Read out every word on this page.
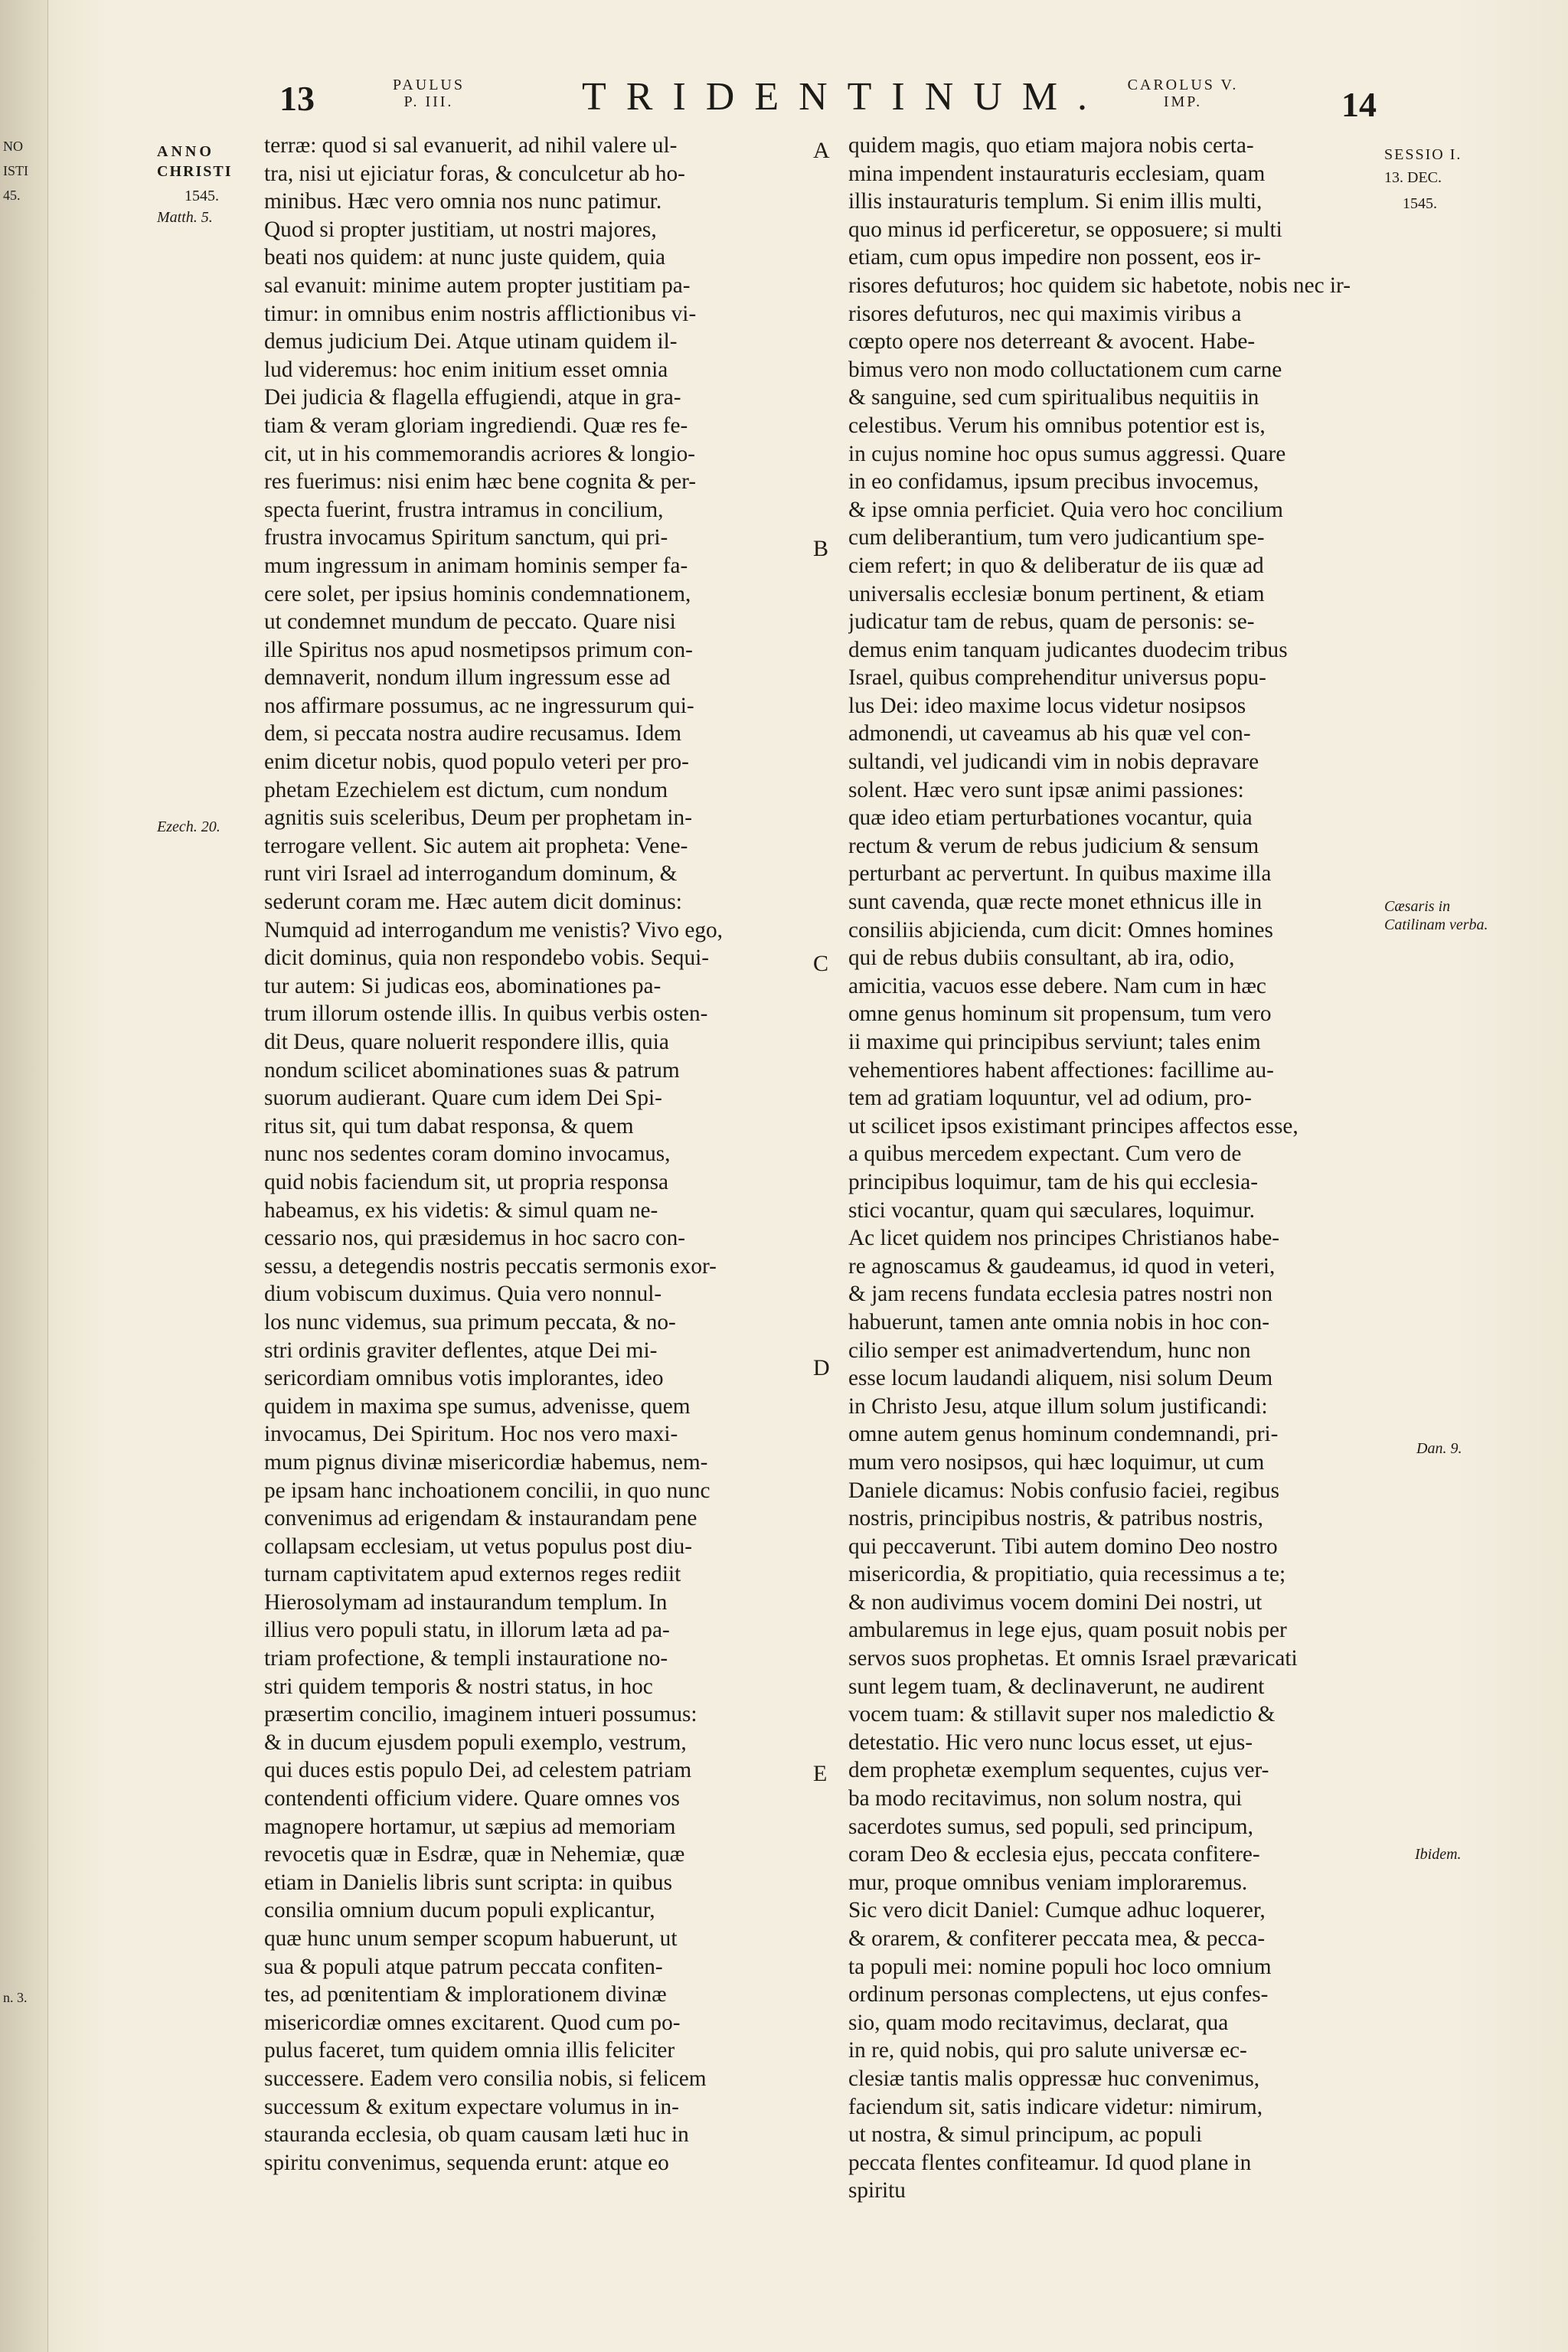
NO
ISTI
45.
n. 3.
13	PAULUS
P. III.	TRIDENTINUM.	CAROLUS V.
IMP.	14
ANNO
CHRISTI
1545.
Matth. 5.
Ezech. 20.
SESSIO I.
13. DEC.
1545.
Cæsaris in Catilinam verba.
Dan. 9.
Ibidem.
A
B
C
D
E
terræ: quod si sal evanuerit, ad nihil valere ul-
tra, nisi ut ejiciatur foras, & conculcetur ab ho-
minibus. Hæc vero omnia nos nunc patimur.
Quod si propter justitiam, ut nostri majores,
beati nos quidem: at nunc juste quidem, quia
sal evanuit: minime autem propter justitiam pa-
timur: in omnibus enim nostris afflictionibus vi-
demus judicium Dei. Atque utinam quidem il-
lud videremus: hoc enim initium esset omnia
Dei judicia & flagella effugiendi, atque in gra-
tiam & veram gloriam ingrediendi. Quæ res fe-
cit, ut in his commemorandis acriores & longio-
res fuerimus: nisi enim hæc bene cognita & per-
specta fuerint, frustra intramus in concilium,
frustra invocamus Spiritum sanctum, qui pri-
mum ingressum in animam hominis semper fa-
cere solet, per ipsius hominis condemnationem,
ut condemnet mundum de peccato. Quare nisi
ille Spiritus nos apud nosmetipsos primum con-
demnaverit, nondum illum ingressum esse ad
nos affirmare possumus, ac ne ingressurum qui-
dem, si peccata nostra audire recusamus. Idem
enim dicetur nobis, quod populo veteri per pro-
phetam Ezechielem est dictum, cum nondum
agnitis suis sceleribus, Deum per prophetam in-
terrogare vellent. Sic autem ait propheta: Vene-
runt viri Israel ad interrogandum dominum, &
sederunt coram me. Hæc autem dicit dominus:
Numquid ad interrogandum me venistis? Vivo ego,
dicit dominus, quia non respondebo vobis. Sequi-
tur autem: Si judicas eos, abominationes pa-
trum illorum ostende illis. In quibus verbis osten-
dit Deus, quare noluerit respondere illis, quia
nondum scilicet abominationes suas & patrum
suorum audierant. Quare cum idem Dei Spi-
ritus sit, qui tum dabat responsa, & quem
nunc nos sedentes coram domino invocamus,
quid nobis faciendum sit, ut propria responsa
habeamus, ex his videtis: & simul quam ne-
cessario nos, qui præsidemus in hoc sacro con-
sessu, a detegendis nostris peccatis sermonis exor-
dium vobiscum duximus. Quia vero nonnul-
los nunc videmus, sua primum peccata, & no-
stri ordinis graviter deflentes, atque Dei mi-
sericordiam omnibus votis implorantes, ideo
quidem in maxima spe sumus, advenisse, quem
invocamus, Dei Spiritum. Hoc nos vero maxi-
mum pignus divinæ misericordiæ habemus, nem-
pe ipsam hanc inchoationem concilii, in quo nunc
convenimus ad erigendam & instaurandam pene
collapsam ecclesiam, ut vetus populus post diu-
turnam captivitatem apud externos reges rediit
Hierosolymam ad instaurandum templum. In
illius vero populi statu, in illorum læta ad pa-
triam profectione, & templi instauratione no-
stri quidem temporis & nostri status, in hoc
præsertim concilio, imaginem intueri possumus:
& in ducum ejusdem populi exemplo, vestrum,
qui duces estis populo Dei, ad celestem patriam
contendenti officium videre. Quare omnes vos
magnopere hortamur, ut sæpius ad memoriam
revocetis quæ in Esdræ, quæ in Nehemiæ, quæ
etiam in Danielis libris sunt scripta: in quibus
consilia omnium ducum populi explicantur,
quæ hunc unum semper scopum habuerunt, ut
sua & populi atque patrum peccata confiten-
tes, ad pœnitentiam & implorationem divinæ
misericordiæ omnes excitarent. Quod cum po-
pulus faceret, tum quidem omnia illis feliciter
successere. Eadem vero consilia nobis, si felicem
successum & exitum expectare volumus in in-
stauranda ecclesia, ob quam causam læti huc in
spiritu convenimus, sequenda erunt: atque eo
quidem magis, quo etiam majora nobis certa-
mina impendent instauraturis ecclesiam, quam
illis instauraturis templum. Si enim illis multi,
quo minus id perficeretur, se opposuere; si multi
etiam, cum opus impedire non possent, eos ir-
risores defuturos; hoc quidem sic habetote, nobis nec ir-
risores defuturos, nec qui maximis viribus a
cœpto opere nos deterreant & avocent. Habe-
bimus vero non modo colluctationem cum carne
& sanguine, sed cum spiritualibus nequitiis in
celestibus. Verum his omnibus potentior est is,
in cujus nomine hoc opus sumus aggressi. Quare
in eo confidamus, ipsum precibus invocemus,
& ipse omnia perficiet. Quia vero hoc concilium
cum deliberantium, tum vero judicantium spe-
ciem refert; in quo & deliberatur de iis quæ ad
universalis ecclesiæ bonum pertinent, & etiam
judicatur tam de rebus, quam de personis: se-
demus enim tanquam judicantes duodecim tribus
Israel, quibus comprehenditur universus popu-
lus Dei: ideo maxime locus videtur nosipsos
admonendi, ut caveamus ab his quæ vel con-
sultandi, vel judicandi vim in nobis depravare
solent. Hæc vero sunt ipsæ animi passiones:
quæ ideo etiam perturbationes vocantur, quia
rectum & verum de rebus judicium & sensum
perturbant ac pervertunt. In quibus maxime illa
sunt cavenda, quæ recte monet ethnicus ille in
consiliis abjicienda, cum dicit: Omnes homines
qui de rebus dubiis consultant, ab ira, odio,
amicitia, vacuos esse debere. Nam cum in hæc
omne genus hominum sit propensum, tum vero
ii maxime qui principibus serviunt; tales enim
vehementiores habent affectiones: facillime au-
tem ad gratiam loquuntur, vel ad odium, pro-
ut scilicet ipsos existimant principes affectos esse,
a quibus mercedem expectant. Cum vero de
principibus loquimur, tam de his qui ecclesia-
stici vocantur, quam qui sæculares, loquimur.
Ac licet quidem nos principes Christianos habe-
re agnoscamus & gaudeamus, id quod in veteri,
& jam recens fundata ecclesia patres nostri non
habuerunt, tamen ante omnia nobis in hoc con-
cilio semper est animadvertendum, hunc non
esse locum laudandi aliquem, nisi solum Deum
in Christo Jesu, atque illum solum justificandi:
omne autem genus hominum condemnandi, pri-
mum vero nosipsos, qui hæc loquimur, ut cum
Daniele dicamus: Nobis confusio faciei, regibus
nostris, principibus nostris, & patribus nostris,
qui peccaverunt. Tibi autem domino Deo nostro
misericordia, & propitiatio, quia recessimus a te;
& non audivimus vocem domini Dei nostri, ut
ambularemus in lege ejus, quam posuit nobis per
servos suos prophetas. Et omnis Israel prævaricati
sunt legem tuam, & declinaverunt, ne audirent
vocem tuam: & stillavit super nos maledictio &
detestatio. Hic vero nunc locus esset, ut ejus-
dem prophetæ exemplum sequentes, cujus ver-
ba modo recitavimus, non solum nostra, qui
sacerdotes sumus, sed populi, sed principum,
coram Deo & ecclesia ejus, peccata confitere-
mur, proque omnibus veniam imploraremus.
Sic vero dicit Daniel: Cumque adhuc loquerer,
& orarem, & confiterer peccata mea, & pecca-
ta populi mei: nomine populi hoc loco omnium
ordinum personas complectens, ut ejus confes-
sio, quam modo recitavimus, declarat, qua
in re, quid nobis, qui pro salute universæ ec-
clesiæ tantis malis oppressæ huc convenimus,
faciendum sit, satis indicare videtur: nimirum,
ut nostra, & simul principum, ac populi
peccata flentes confiteamur. Id quod plane in
spiritu
